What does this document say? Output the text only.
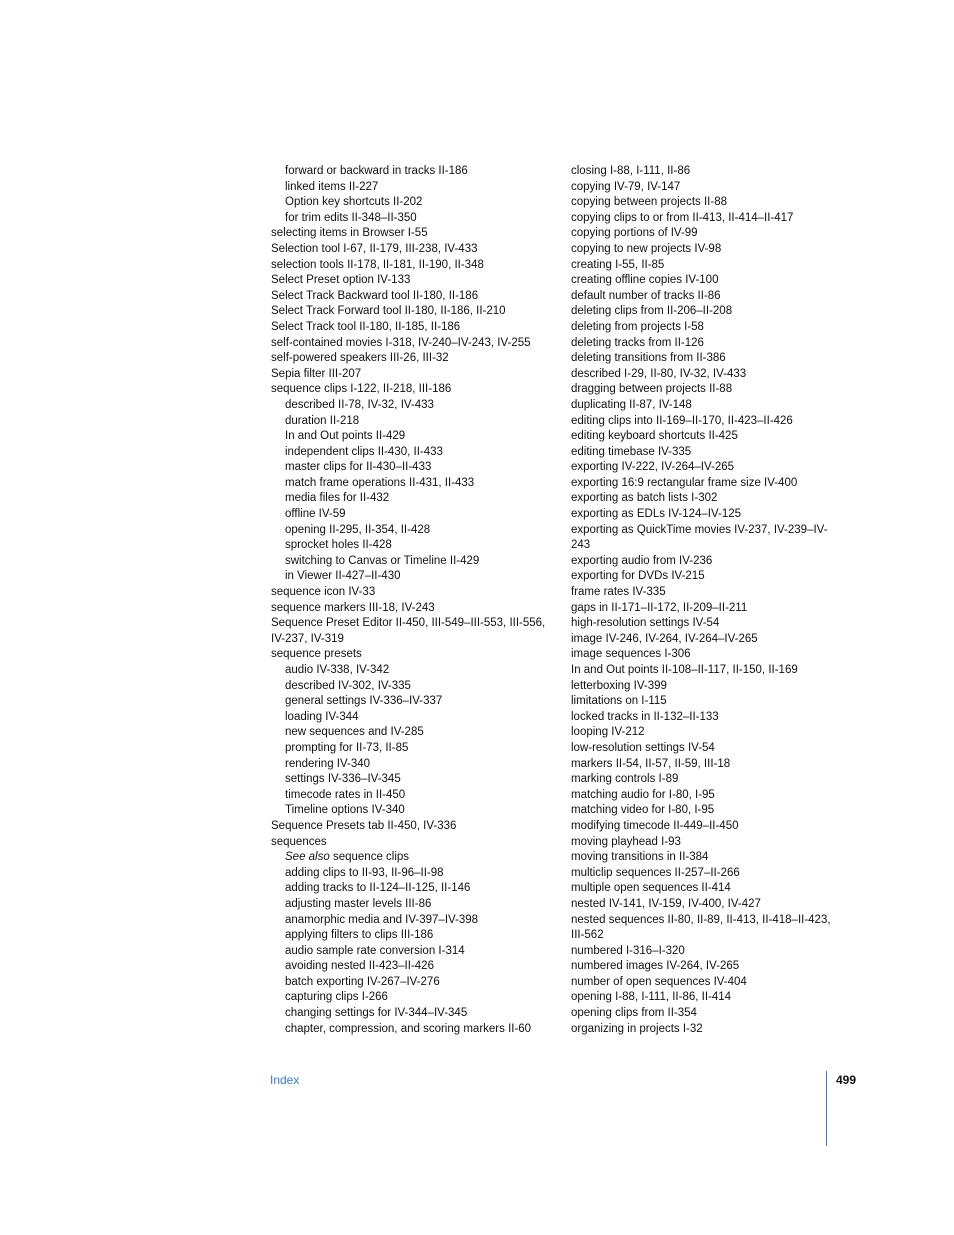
forward or backward in tracks II-186
linked items II-227
Option key shortcuts II-202
for trim edits II-348–II-350
selecting items in Browser I-55
Selection tool I-67, II-179, III-238, IV-433
selection tools II-178, II-181, II-190, II-348
Select Preset option IV-133
Select Track Backward tool II-180, II-186
Select Track Forward tool II-180, II-186, II-210
Select Track tool II-180, II-185, II-186
self-contained movies I-318, IV-240–IV-243, IV-255
self-powered speakers III-26, III-32
Sepia filter III-207
sequence clips I-122, II-218, III-186
described II-78, IV-32, IV-433
duration II-218
In and Out points II-429
independent clips II-430, II-433
master clips for II-430–II-433
match frame operations II-431, II-433
media files for II-432
offline IV-59
opening II-295, II-354, II-428
sprocket holes II-428
switching to Canvas or Timeline II-429
in Viewer II-427–II-430
sequence icon IV-33
sequence markers III-18, IV-243
Sequence Preset Editor II-450, III-549–III-553, III-556, IV-237, IV-319
sequence presets
audio IV-338, IV-342
described IV-302, IV-335
general settings IV-336–IV-337
loading IV-344
new sequences and IV-285
prompting for II-73, II-85
rendering IV-340
settings IV-336–IV-345
timecode rates in II-450
Timeline options IV-340
Sequence Presets tab II-450, IV-336
sequences
See also sequence clips
adding clips to II-93, II-96–II-98
adding tracks to II-124–II-125, II-146
adjusting master levels III-86
anamorphic media and IV-397–IV-398
applying filters to clips III-186
audio sample rate conversion I-314
avoiding nested II-423–II-426
batch exporting IV-267–IV-276
capturing clips I-266
changing settings for IV-344–IV-345
chapter, compression, and scoring markers II-60
closing I-88, I-111, II-86
copying IV-79, IV-147
copying between projects II-88
copying clips to or from II-413, II-414–II-417
copying portions of IV-99
copying to new projects IV-98
creating I-55, II-85
creating offline copies IV-100
default number of tracks II-86
deleting clips from II-206–II-208
deleting from projects I-58
deleting tracks from II-126
deleting transitions from II-386
described I-29, II-80, IV-32, IV-433
dragging between projects II-88
duplicating II-87, IV-148
editing clips into II-169–II-170, II-423–II-426
editing keyboard shortcuts II-425
editing timebase IV-335
exporting IV-222, IV-264–IV-265
exporting 16:9 rectangular frame size IV-400
exporting as batch lists I-302
exporting as EDLs IV-124–IV-125
exporting as QuickTime movies IV-237, IV-239–IV-243
exporting audio from IV-236
exporting for DVDs IV-215
frame rates IV-335
gaps in II-171–II-172, II-209–II-211
high-resolution settings IV-54
image IV-246, IV-264, IV-264–IV-265
image sequences I-306
In and Out points II-108–II-117, II-150, II-169
letterboxing IV-399
limitations on I-115
locked tracks in II-132–II-133
looping IV-212
low-resolution settings IV-54
markers II-54, II-57, II-59, III-18
marking controls I-89
matching audio for I-80, I-95
matching video for I-80, I-95
modifying timecode II-449–II-450
moving playhead I-93
moving transitions in II-384
multiclip sequences II-257–II-266
multiple open sequences II-414
nested IV-141, IV-159, IV-400, IV-427
nested sequences II-80, II-89, II-413, II-418–II-423, III-562
numbered I-316–I-320
numbered images IV-264, IV-265
number of open sequences IV-404
opening I-88, I-111, II-86, II-414
opening clips from II-354
organizing in projects I-32
Index	499
